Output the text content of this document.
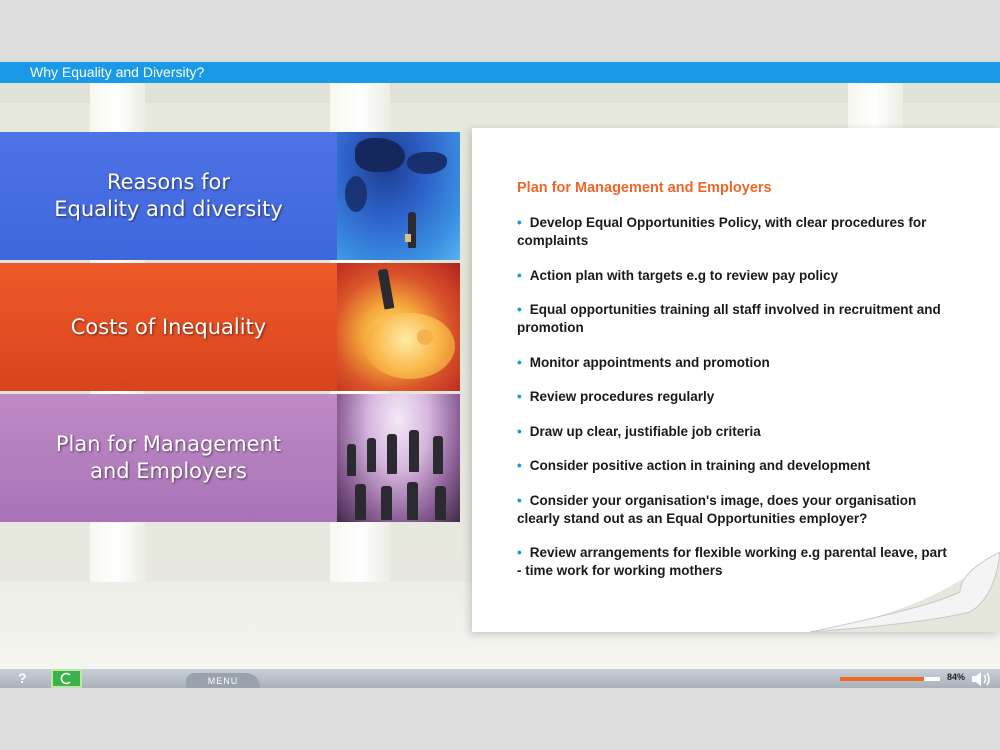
Why Equality and Diversity?
Reasons for
Equality and diversity
Costs of Inequality
Plan for Management
and Employers
Plan for Management and Employers
• Develop Equal Opportunities Policy, with clear procedures for complaints
• Action plan with targets e.g to review pay policy
• Equal opportunities training all staff involved in recruitment and promotion
• Monitor appointments and promotion
• Review procedures regularly
• Draw up clear, justifiable job criteria
• Consider positive action in training and development
• Consider your organisation's image, does your organisation clearly stand out as an Equal Opportunities employer?
• Review arrangements for flexible working e.g parental leave, part - time work for working mothers
?	MENU	84%
